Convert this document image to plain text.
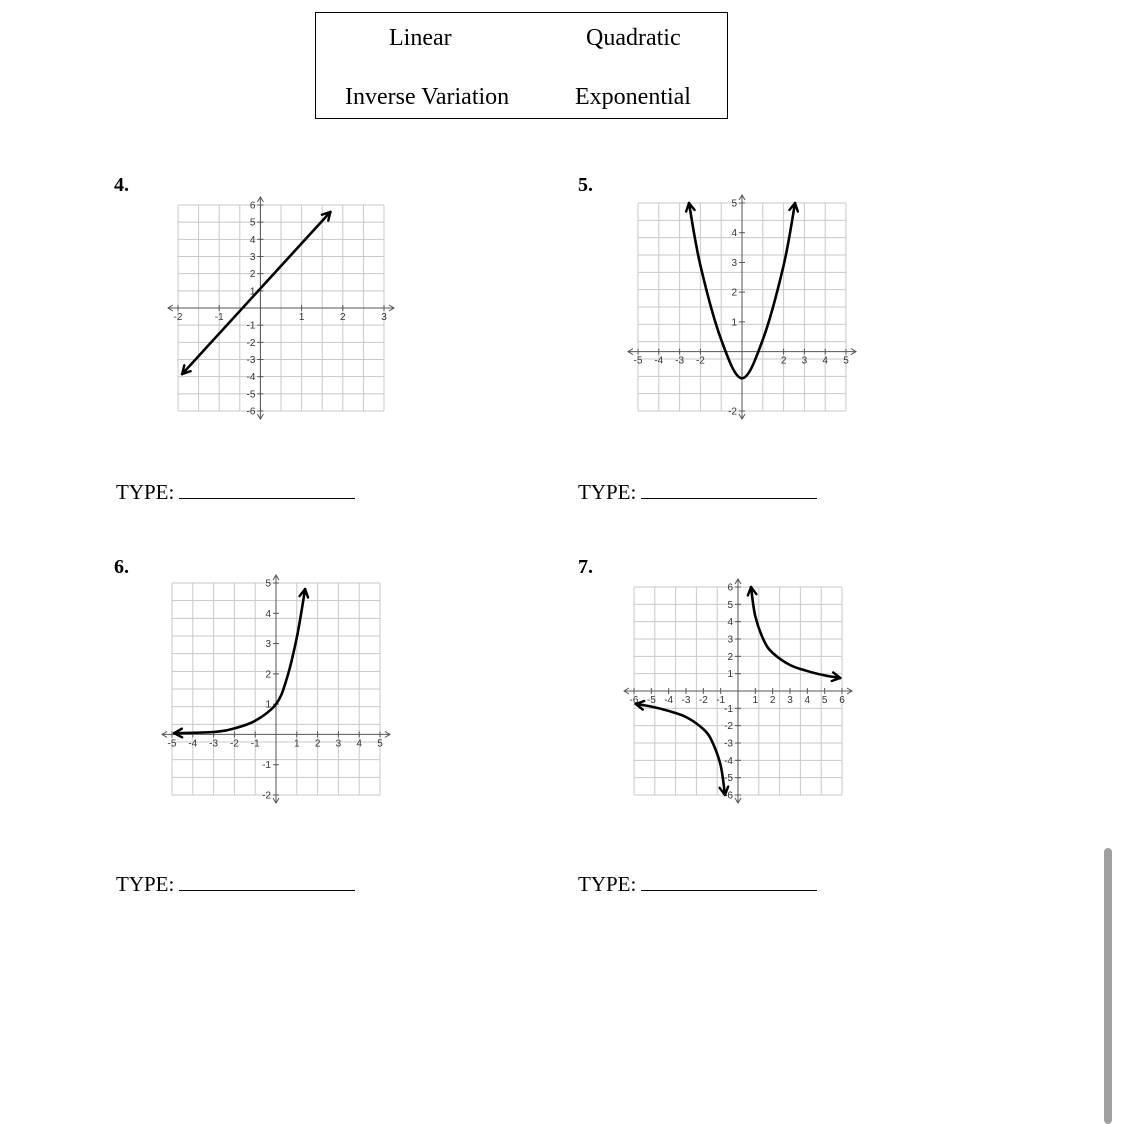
Linear	Quadratic
Inverse Variation	Exponential
4.	5.
6.	7.
-2	-1	1	2	3
6
5
4
3
2
1
-1
-2
-3
-4
-5
-6
-5 -4 -3 -2	2 3 4 5
5
4
3
2
1
-2
-5 -4 -3 -2 -1	1 2 3 4 5
5
4
3
2
1
-1
-2
-6 -5 -4 -3 -2 -1	1 2 3 4 5 6
6
5
4
3
2
1
-1
-2
-3
-4
-5
-6
TYPE:	TYPE:
TYPE:	TYPE:
